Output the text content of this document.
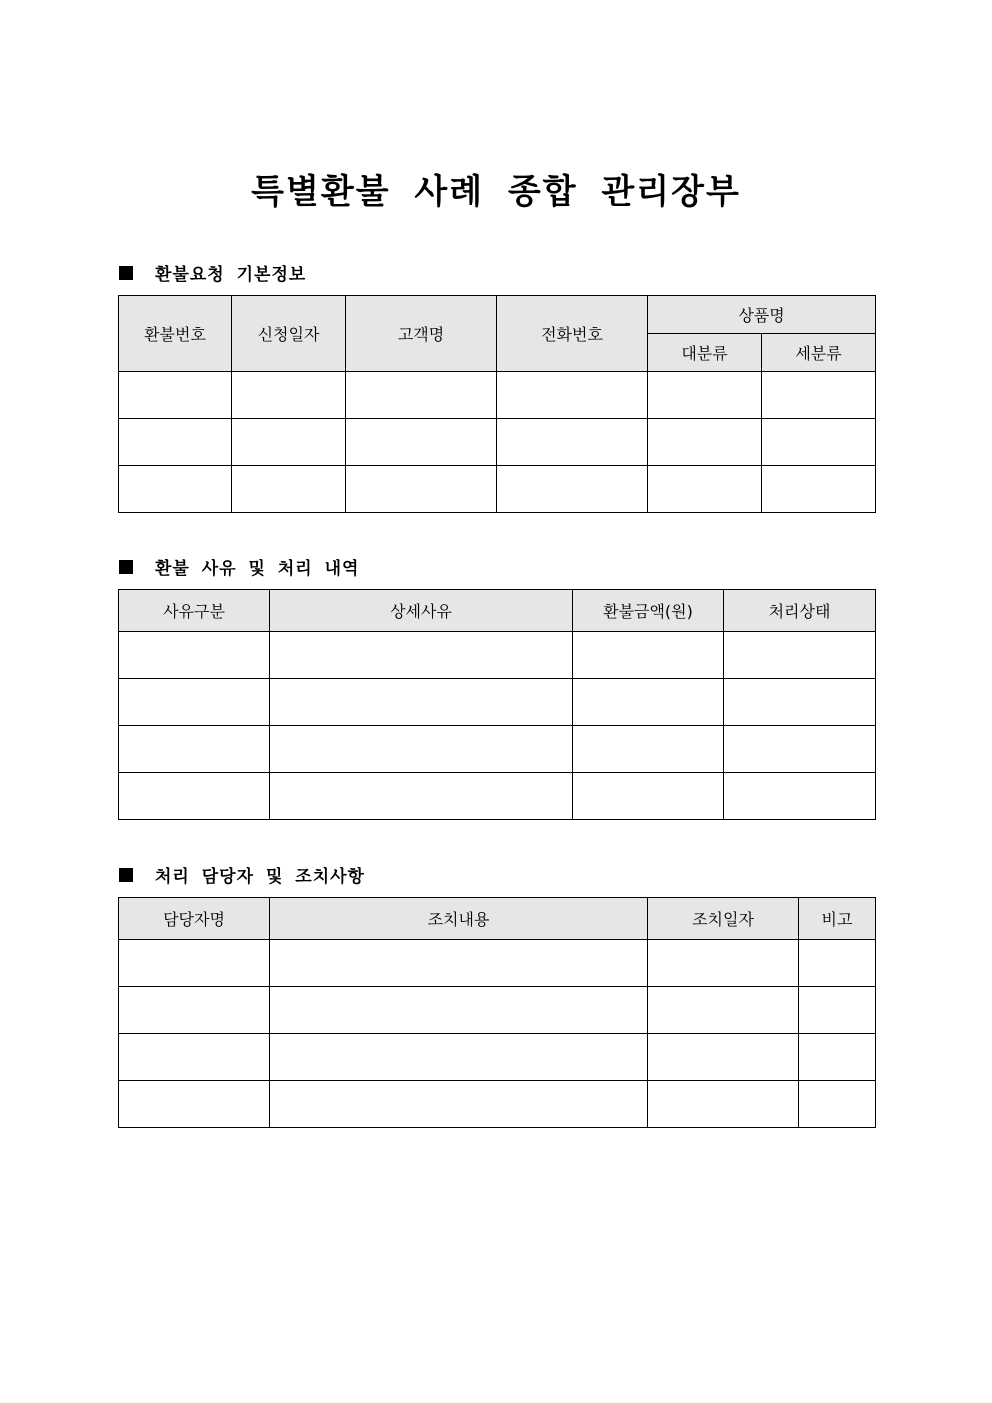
특별환불 사례 종합 관리장부
환불요청 기본정보
환불번호	신청일자	고객명	전화번호	상품명	
				대분류	세분류

환불 사유 및 처리 내역
사유구분	상세사유	환불금액(원)	처리상태

처리 담당자 및 조치사항
담당자명	조치내용	조치일자	비고
